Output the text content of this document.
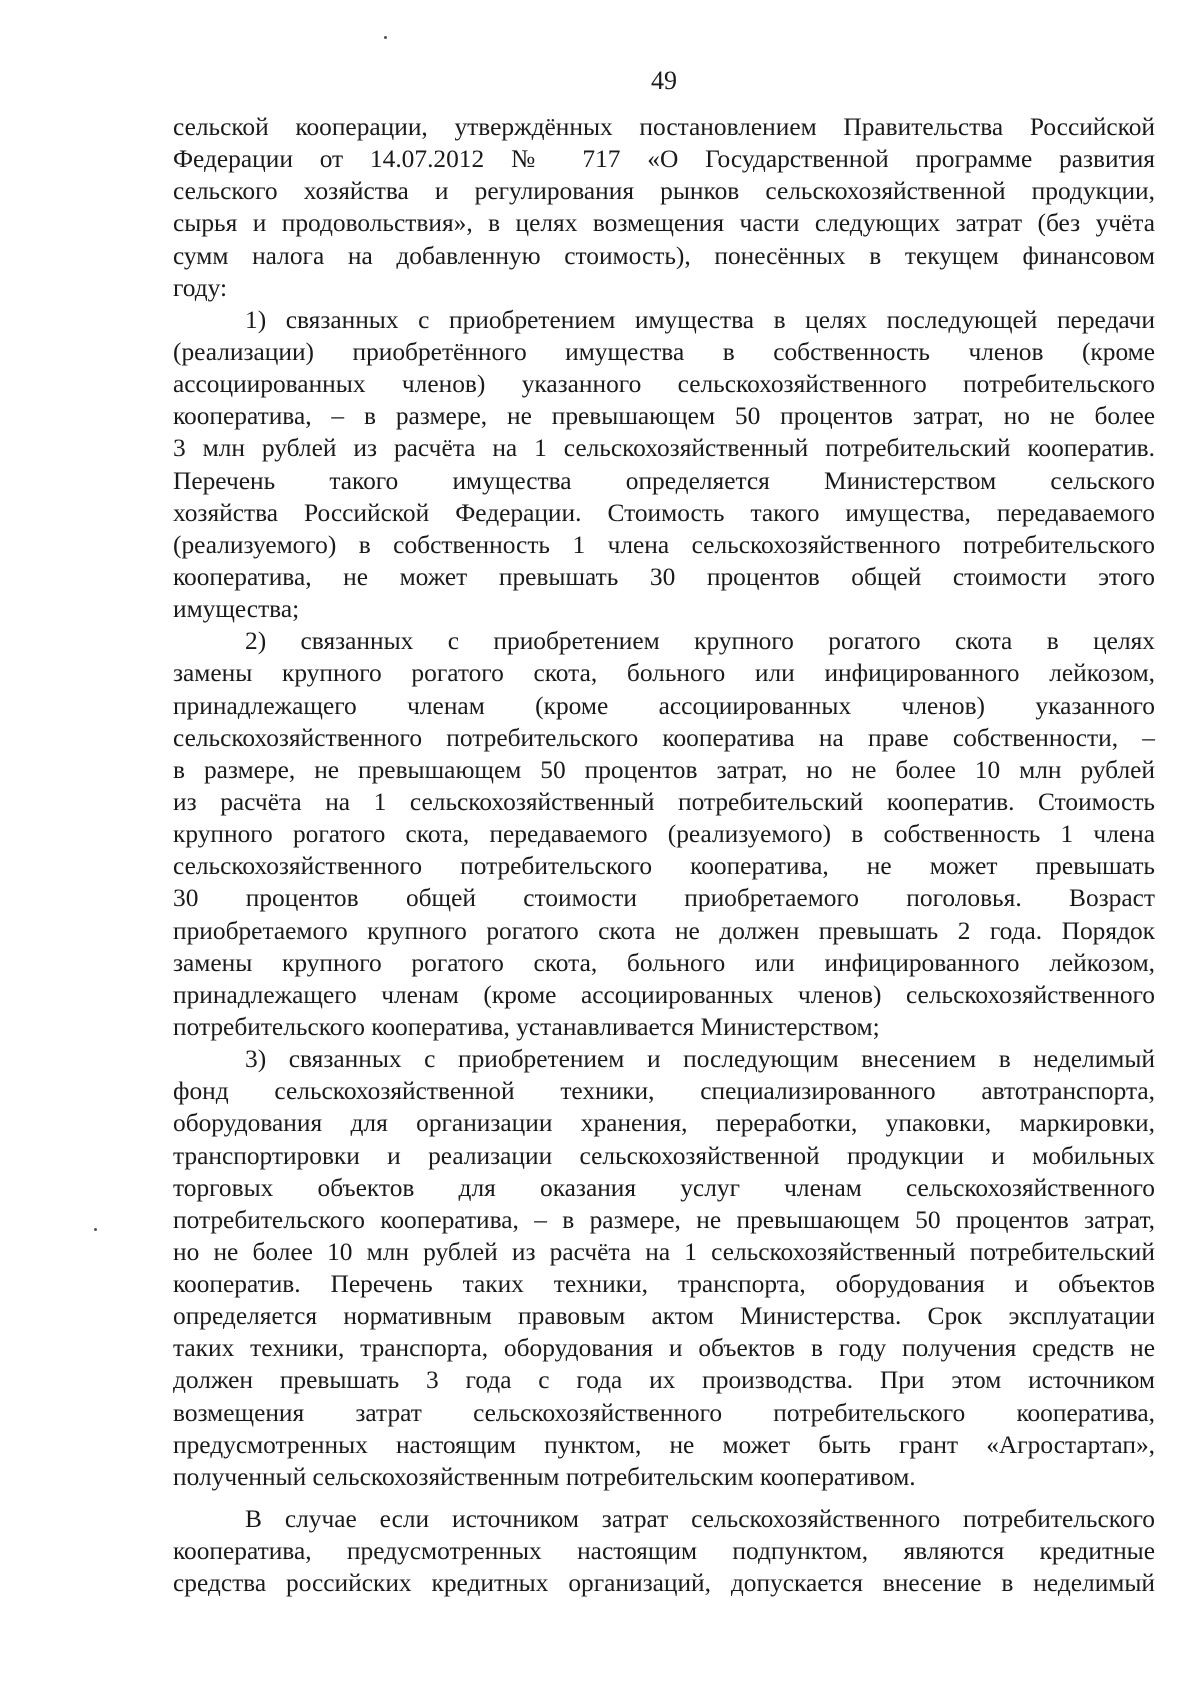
49
сельской кооперации, утверждённых постановлением Правительства Российской
Федерации от 14.07.2012 № 717 «О Государственной программе развития
сельского хозяйства и регулирования рынков сельскохозяйственной продукции,
сырья и продовольствия», в целях возмещения части следующих затрат (без учёта
сумм налога на добавленную стоимость), понесённых в текущем финансовом
году:
1) связанных с приобретением имущества в целях последующей передачи
(реализации) приобретённого имущества в собственность членов (кроме
ассоциированных членов) указанного сельскохозяйственного потребительского
кооператива, – в размере, не превышающем 50 процентов затрат, но не более
3 млн рублей из расчёта на 1 сельскохозяйственный потребительский кооператив.
Перечень такого имущества определяется Министерством сельского
хозяйства Российской Федерации. Стоимость такого имущества, передаваемого
(реализуемого) в собственность 1 члена сельскохозяйственного потребительского
кооператива, не может превышать 30 процентов общей стоимости этого
имущества;
2) связанных с приобретением крупного рогатого скота в целях
замены крупного рогатого скота, больного или инфицированного лейкозом,
принадлежащего членам (кроме ассоциированных членов) указанного
сельскохозяйственного потребительского кооператива на праве собственности, –
в размере, не превышающем 50 процентов затрат, но не более 10 млн рублей
из расчёта на 1 сельскохозяйственный потребительский кооператив. Стоимость
крупного рогатого скота, передаваемого (реализуемого) в собственность 1 члена
сельскохозяйственного потребительского кооператива, не может превышать
30 процентов общей стоимости приобретаемого поголовья. Возраст
приобретаемого крупного рогатого скота не должен превышать 2 года. Порядок
замены крупного рогатого скота, больного или инфицированного лейкозом,
принадлежащего членам (кроме ассоциированных членов) сельскохозяйственного
потребительского кооператива, устанавливается Министерством;
3) связанных с приобретением и последующим внесением в неделимый
фонд сельскохозяйственной техники, специализированного автотранспорта,
оборудования для организации хранения, переработки, упаковки, маркировки,
транспортировки и реализации сельскохозяйственной продукции и мобильных
торговых объектов для оказания услуг членам сельскохозяйственного
потребительского кооператива, – в размере, не превышающем 50 процентов затрат,
но не более 10 млн рублей из расчёта на 1 сельскохозяйственный потребительский
кооператив. Перечень таких техники, транспорта, оборудования и объектов
определяется нормативным правовым актом Министерства. Срок эксплуатации
таких техники, транспорта, оборудования и объектов в году получения средств не
должен превышать 3 года с года их производства. При этом источником
возмещения затрат сельскохозяйственного потребительского кооператива,
предусмотренных настоящим пунктом, не может быть грант «Агростартап»,
полученный сельскохозяйственным потребительским кооперативом.
В случае если источником затрат сельскохозяйственного потребительского
кооператива, предусмотренных настоящим подпунктом, являются кредитные
средства российских кредитных организаций, допускается внесение в неделимый
